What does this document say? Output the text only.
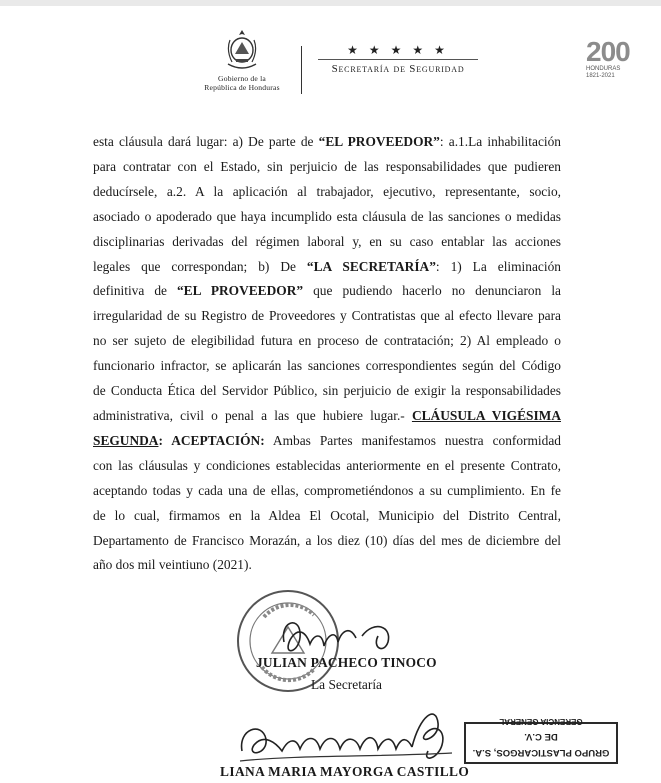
Gobierno de la
República de Honduras
★ ★ ★ ★ ★
Secretaría de Seguridad
200
HONDURAS
1821-2021
esta cláusula dará lugar: a) De parte de “EL PROVEEDOR”: a.1.La inhabilitación
para contratar con el Estado, sin perjuicio de las responsabilidades que pudieren
deducírsele, a.2. A la aplicación al trabajador, ejecutivo, representante, socio,
asociado o apoderado que haya incumplido esta cláusula de las sanciones o medidas
disciplinarias derivadas del régimen laboral y, en su caso entablar las acciones
legales que correspondan; b) De “LA SECRETARÍA”: 1) La eliminación
definitiva de “EL PROVEEDOR” que pudiendo hacerlo no denunciaron la
irregularidad de su Registro de Proveedores y Contratistas que al efecto llevare para
no ser sujeto de elegibilidad futura en proceso de contratación; 2) Al empleado o
funcionario infractor, se aplicarán las sanciones correspondientes según del Código
de Conducta Ética del Servidor Público, sin perjuicio de exigir la responsabilidades
administrativa, civil o penal a las que hubiere lugar.- CLÁUSULA VIGÉSIMA
SEGUNDA: ACEPTACIÓN: Ambas Partes manifestamos nuestra conformidad
con las cláusulas y condiciones establecidas anteriormente en el presente Contrato,
aceptando todas y cada una de ellas, comprometiéndonos a su cumplimiento. En fe
de lo cual, firmamos en la Aldea El Ocotal, Municipio del Distrito Central,
Departamento de Francisco Morazán, a los diez (10) días del mes de diciembre del
año dos mil veintiuno (2021).
JULIAN PACHECO TINOCO
La Secretaría
GRUPO PLASTICARGOS, S.A. DE C.V.
GERENCIA GENERAL
LIANA MARIA MAYORGA CASTILLO
